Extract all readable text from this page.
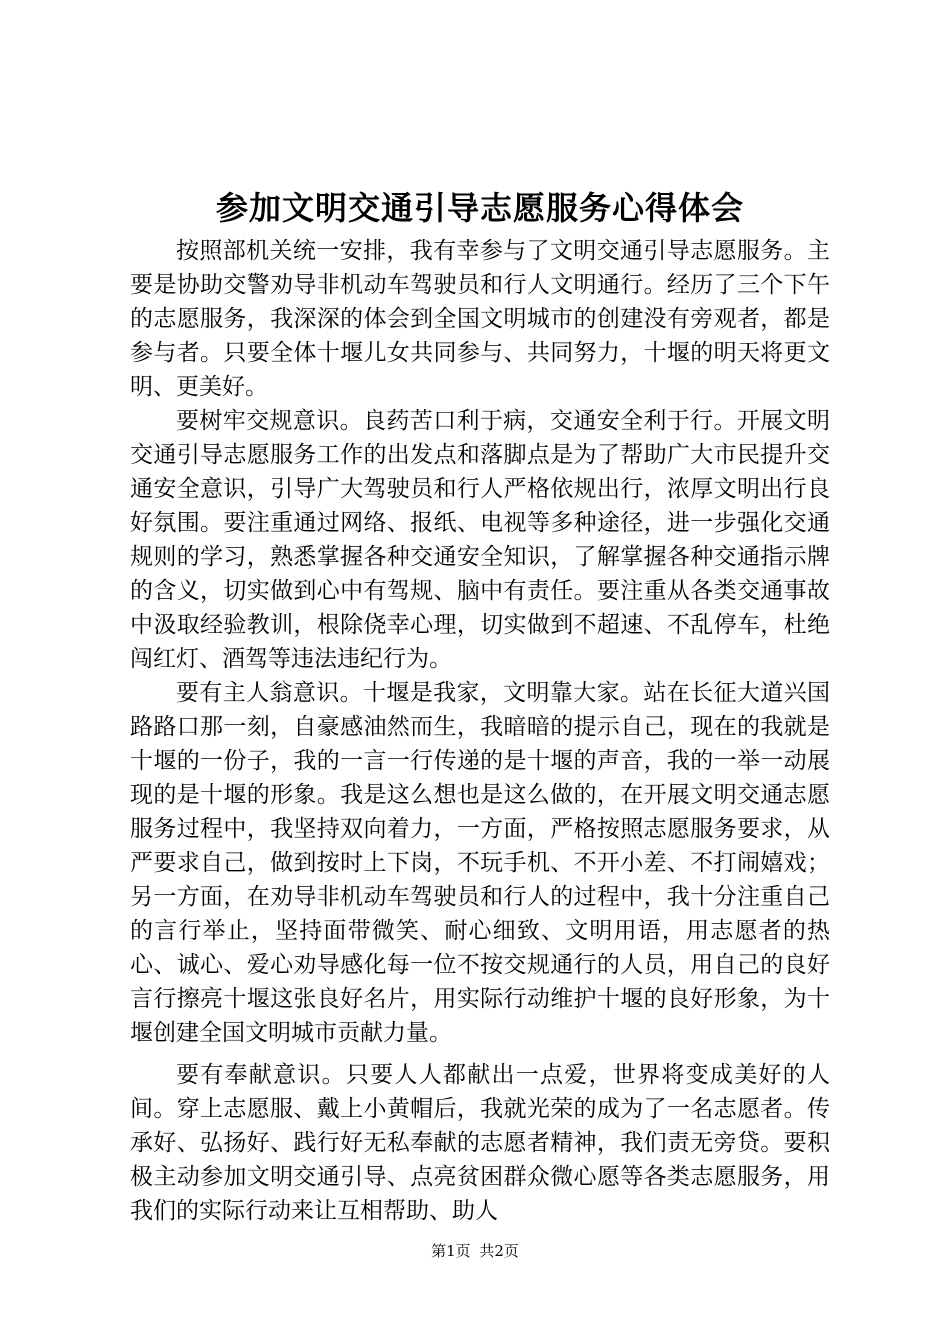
参加文明交通引导志愿服务心得体会

按照部机关统一安排，我有幸参与了文明交通引导志愿服务。主要是协助交警劝导非机动车驾驶员和行人文明通行。经历了三个下午的志愿服务，我深深的体会到全国文明城市的创建没有旁观者，都是参与者。只要全体十堰儿女共同参与、共同努力，十堰的明天将更文明、更美好。

要树牢交规意识。良药苦口利于病，交通安全利于行。开展文明交通引导志愿服务工作的出发点和落脚点是为了帮助广大市民提升交通安全意识，引导广大驾驶员和行人严格依规出行，浓厚文明出行良好氛围。要注重通过网络、报纸、电视等多种途径，进一步强化交通规则的学习，熟悉掌握各种交通安全知识，了解掌握各种交通指示牌的含义，切实做到心中有驾规、脑中有责任。要注重从各类交通事故中汲取经验教训，根除侥幸心理，切实做到不超速、不乱停车，杜绝闯红灯、酒驾等违法违纪行为。

要有主人翁意识。十堰是我家，文明靠大家。站在长征大道兴国路路口那一刻，自豪感油然而生，我暗暗的提示自己，现在的我就是十堰的一份子，我的一言一行传递的是十堰的声音，我的一举一动展现的是十堰的形象。我是这么想也是这么做的，在开展文明交通志愿服务过程中，我坚持双向着力，一方面，严格按照志愿服务要求，从严要求自己，做到按时上下岗，不玩手机、不开小差、不打闹嬉戏；另一方面，在劝导非机动车驾驶员和行人的过程中，我十分注重自己的言行举止，坚持面带微笑、耐心细致、文明用语，用志愿者的热心、诚心、爱心劝导感化每一位不按交规通行的人员，用自己的良好言行擦亮十堰这张良好名片，用实际行动维护十堰的良好形象，为十堰创建全国文明城市贡献力量。

要有奉献意识。只要人人都献出一点爱，世界将变成美好的人间。穿上志愿服、戴上小黄帽后，我就光荣的成为了一名志愿者。传承好、弘扬好、践行好无私奉献的志愿者精神，我们责无旁贷。要积极主动参加文明交通引导、点亮贫困群众微心愿等各类志愿服务，用我们的实际行动来让互相帮助、助人

第1页 共2页
